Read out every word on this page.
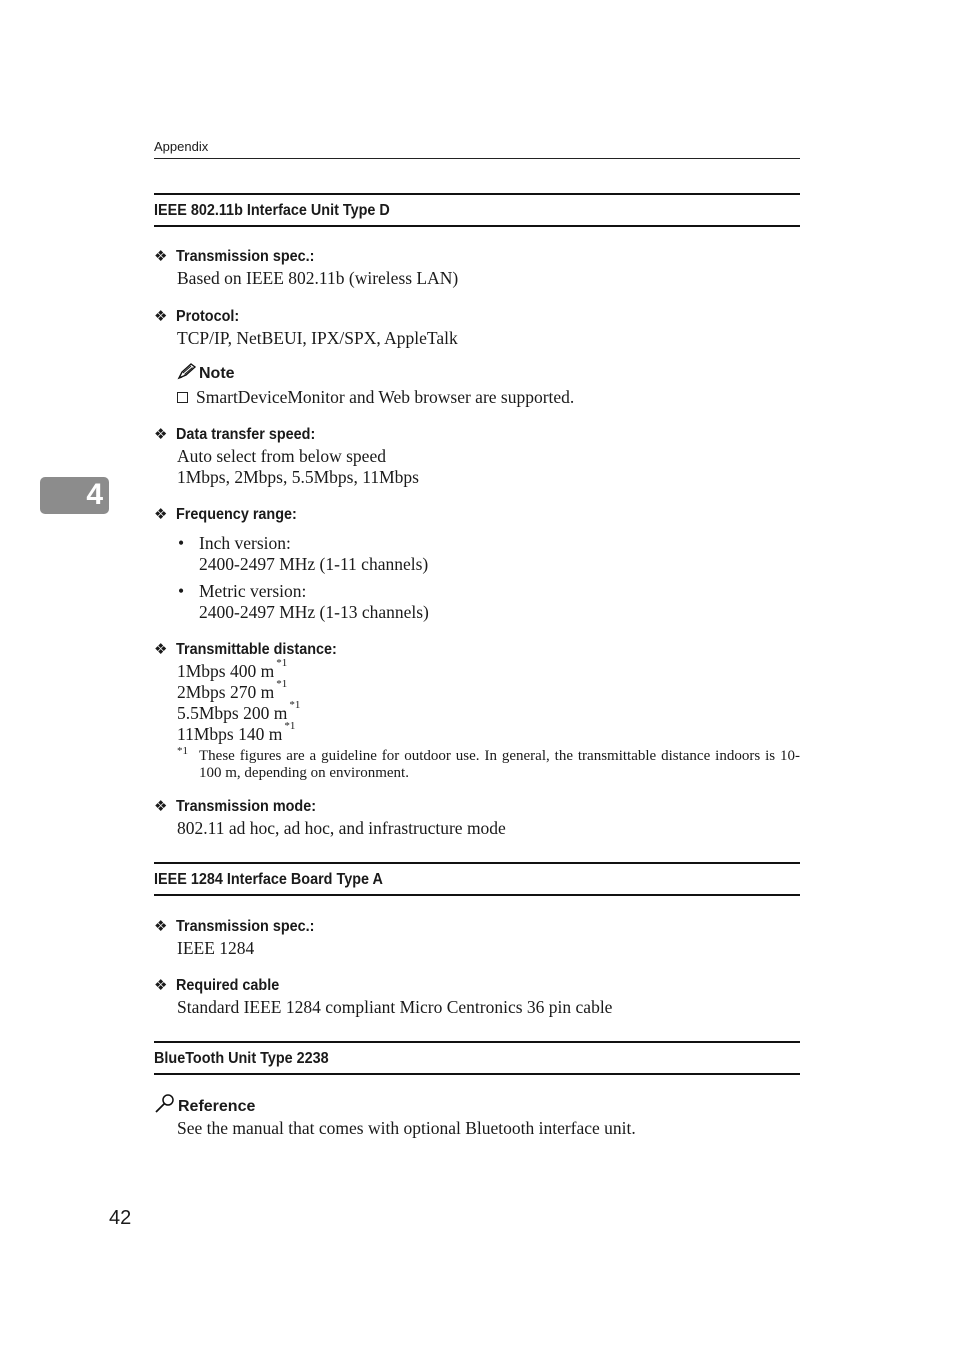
Appendix
4
IEEE 802.11b Interface Unit Type D
❖ Transmission spec.:
Based on IEEE 802.11b (wireless LAN)
❖ Protocol:
TCP/IP, NetBEUI, IPX/SPX, AppleTalk
Note
SmartDeviceMonitor and Web browser are supported.
❖ Data transfer speed:
Auto select from below speed
1Mbps, 2Mbps, 5.5Mbps, 11Mbps
❖ Frequency range:
• Inch version:
2400-2497 MHz (1-11 channels)
• Metric version:
2400-2497 MHz (1-13 channels)
❖ Transmittable distance:
1Mbps 400 m $^{*1}$
2Mbps 270 m $^{*1}$
5.5Mbps 200 m $^{*1}$
11Mbps 140 m $^{*1}$
*1 These figures are a guideline for outdoor use. In general, the transmittable distance indoors is 10-100 m, depending on environment.
❖ Transmission mode:
802.11 ad hoc, ad hoc, and infrastructure mode
IEEE 1284 Interface Board Type A
❖ Transmission spec.:
IEEE 1284
❖ Required cable
Standard IEEE 1284 compliant Micro Centronics 36 pin cable
BlueTooth Unit Type 2238
Reference
See the manual that comes with optional Bluetooth interface unit.
42
